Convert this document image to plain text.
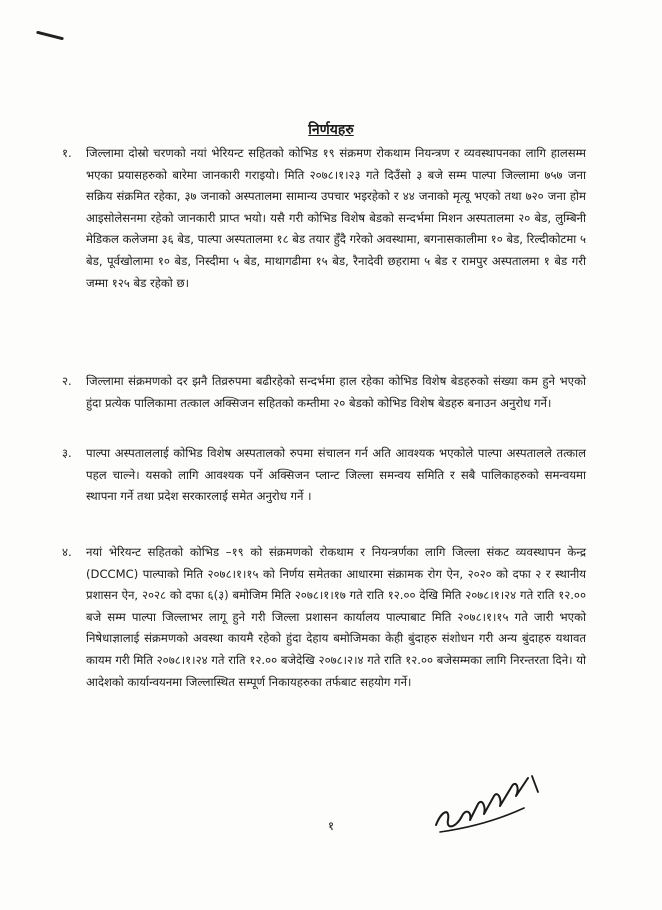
निर्णयहरु
१. जिल्लामा दोस्रो चरणको नयां भेरियन्ट सहितको कोभिड १९ संक्रमण रोकथाम नियन्त्रण र व्यवस्थापनका लागि हालसम्म भएका प्रयासहरुको बारेमा जानकारी गराइयो। मिति २०७८।१।२३ गते दिउँसो ३ बजे सम्म पाल्पा जिल्लामा ७५७ जना सक्रिय संक्रमित रहेका, ३७ जनाको अस्पतालमा सामान्य उपचार भइरहेको र ४४ जनाको मृत्यू भएको तथा ७२० जना होम आइसोलेसनमा रहेको जानकारी प्राप्त भयो। यसै गरी कोभिड विशेष बेडको सन्दर्भमा मिशन अस्पतालमा २० बेड, लुम्बिनी मेडिकल कलेजमा ३६ बेड, पाल्पा अस्पतालमा १८ बेड तयार हुँदै गरेको अवस्थामा, बगनासकालीमा १० बेड, रिल्दीकोटमा ५ बेड, पूर्वखोलामा १० बेड, निस्दीमा ५ बेड, माथागढीमा १५ बेड, रैनादेवी छहरामा ५ बेड र रामपुर अस्पतालमा १ बेड गरी जम्मा १२५ बेड रहेको छ।

२. जिल्लामा संक्रमणको दर झनै तिव्ररुपमा बढीरहेको सन्दर्भमा हाल रहेका कोभिड विशेष बेडहरुको संख्या कम हुने भएको हुंदा प्रत्येक पालिकामा तत्काल अक्सिजन सहितको कम्तीमा २० बेडको कोभिड विशेष बेडहरु बनाउन अनुरोध गर्ने।

३. पाल्पा अस्पताललाई कोभिड विशेष अस्पतालको रुपमा संचालन गर्न अति आवश्यक भएकोले पाल्पा अस्पतालले तत्काल पहल चाल्ने। यसको लागि आवश्यक पर्ने अक्सिजन प्लान्ट जिल्ला समन्वय समिति र सबै पालिकाहरुको समन्वयमा स्थापना गर्ने तथा प्रदेश सरकारलाई समेत अनुरोध गर्ने ।

४. नयां भेरियन्ट सहितको कोभिड –१९ को संक्रमणको रोकथाम र नियन्त्रर्णका लागि जिल्ला संकट व्यवस्थापन केन्द्र (DCCMC) पाल्पाको मिति २०७८।१।१५ को निर्णय समेतका आधारमा संक्रामक रोग ऐन, २०२० को दफा २ र स्थानीय प्रशासन ऐन, २०२८ को दफा ६(३) बमोजिम मिति २०७८।१।१७ गते राति १२.०० देखि मिति २०७८।१।२४ गते राति १२.०० बजे सम्म पाल्पा जिल्लाभर लागू हुने गरी जिल्ला प्रशासन कार्यालय पाल्पाबाट मिति २०७८।१।१५ गते जारी भएको निषेधाज्ञालाई संक्रमणको अवस्था कायमै रहेको हुंदा देहाय बमोजिमका केही बुंदाहरु संशोधन गरी अन्य बुंदाहरु यथावत कायम गरी मिति २०७८।१।२४ गते राति १२.०० बजेदेखि २०७८।२।४ गते राति १२.०० बजेसम्मका लागि निरन्तरता दिने। यो आदेशको कार्यान्वयनमा जिल्लास्थित सम्पूर्ण निकायहरुका तर्फबाट सहयोग गर्ने।

१
